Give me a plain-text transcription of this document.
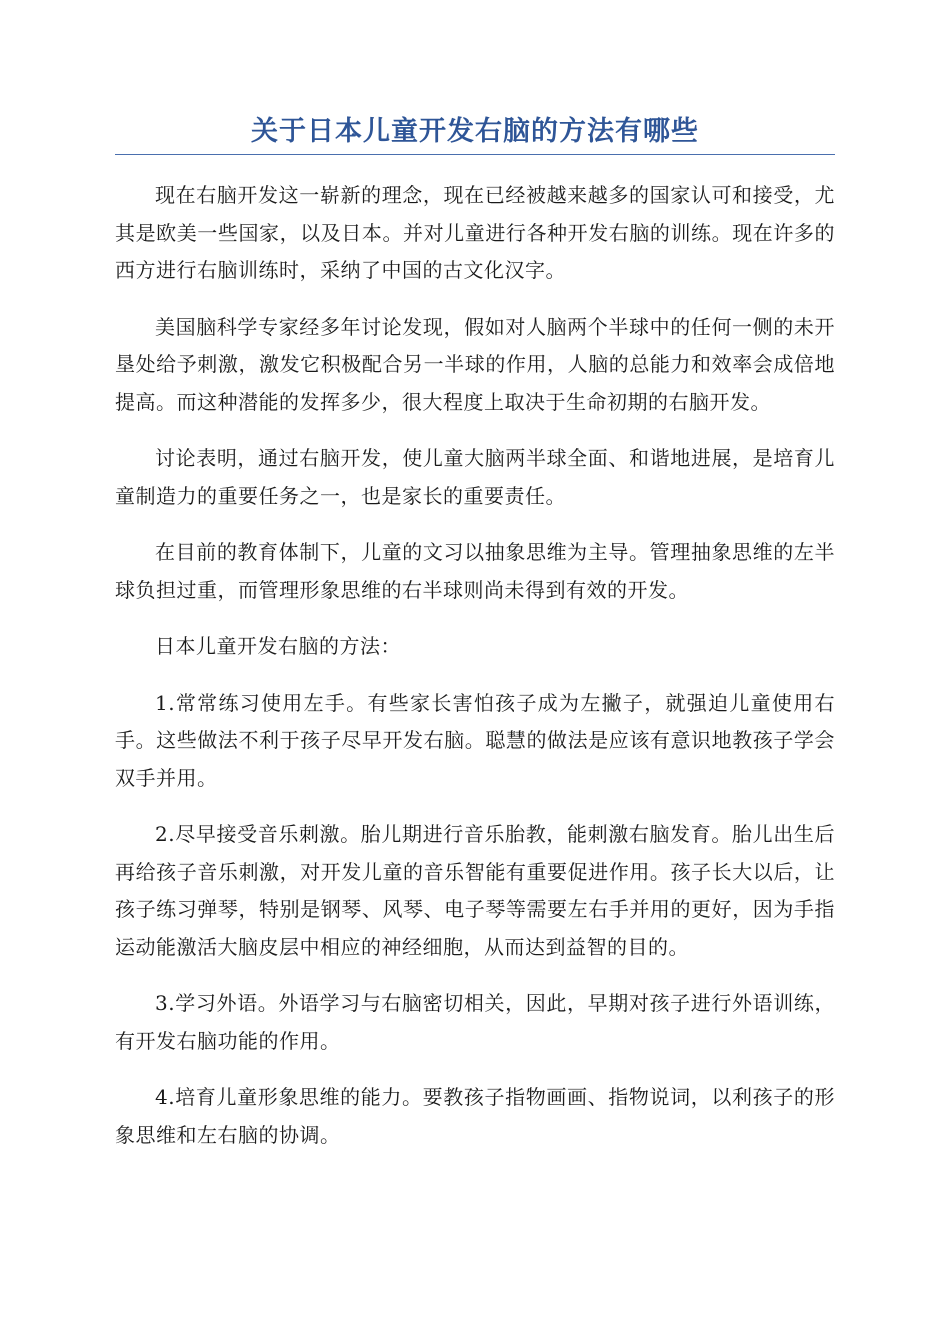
关于日本儿童开发右脑的方法有哪些

现在右脑开发这一崭新的理念，现在已经被越来越多的国家认可和接受，尤其是欧美一些国家，以及日本。并对儿童进行各种开发右脑的训练。现在许多的西方进行右脑训练时，采纳了中国的古文化汉字。

美国脑科学专家经多年讨论发现，假如对人脑两个半球中的任何一侧的未开垦处给予刺激，激发它积极配合另一半球的作用，人脑的总能力和效率会成倍地提高。而这种潜能的发挥多少，很大程度上取决于生命初期的右脑开发。

讨论表明，通过右脑开发，使儿童大脑两半球全面、和谐地进展，是培育儿童制造力的重要任务之一，也是家长的重要责任。

在目前的教育体制下，儿童的文习以抽象思维为主导。管理抽象思维的左半球负担过重，而管理形象思维的右半球则尚未得到有效的开发。

日本儿童开发右脑的方法：

1.常常练习使用左手。有些家长害怕孩子成为左撇子，就强迫儿童使用右手。这些做法不利于孩子尽早开发右脑。聪慧的做法是应该有意识地教孩子学会双手并用。

2.尽早接受音乐刺激。胎儿期进行音乐胎教，能刺激右脑发育。胎儿出生后再给孩子音乐刺激，对开发儿童的音乐智能有重要促进作用。孩子长大以后，让孩子练习弹琴，特别是钢琴、风琴、电子琴等需要左右手并用的更好，因为手指运动能激活大脑皮层中相应的神经细胞，从而达到益智的目的。

3.学习外语。外语学习与右脑密切相关，因此，早期对孩子进行外语训练，有开发右脑功能的作用。

4.培育儿童形象思维的能力。要教孩子指物画画、指物说词，以利孩子的形象思维和左右脑的协调。
